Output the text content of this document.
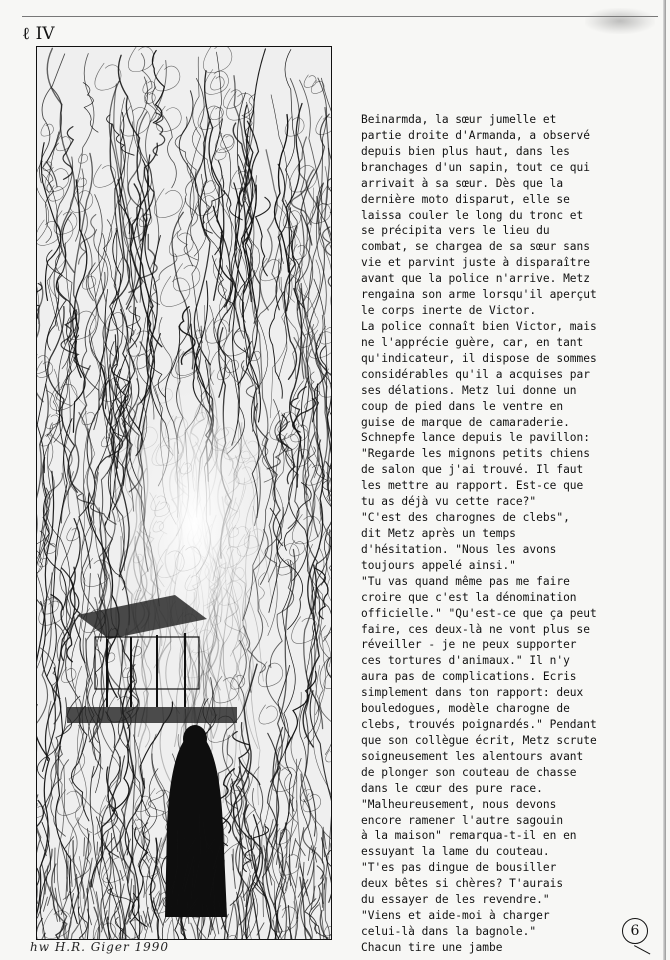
ℓ IV
Beinarmda, la sœur jumelle et
partie droite d'Armanda, a observé
depuis bien plus haut, dans les
branchages d'un sapin, tout ce qui
arrivait à sa sœur. Dès que la
dernière moto disparut, elle se
laissa couler le long du tronc et
se précipita vers le lieu du
combat, se chargea de sa sœur sans
vie et parvint juste à disparaître
avant que la police n'arrive. Metz
rengaina son arme lorsqu'il aperçut
le corps inerte de Victor.
La police connaît bien Victor, mais
ne l'apprécie guère, car, en tant
qu'indicateur, il dispose de sommes
considérables qu'il a acquises par
ses délations. Metz lui donne un
coup de pied dans le ventre en
guise de marque de camaraderie.
Schnepfe lance depuis le pavillon:
"Regarde les mignons petits chiens
de salon que j'ai trouvé. Il faut
les mettre au rapport. Est-ce que
tu as déjà vu cette race?"
"C'est des charognes de clebs",
dit Metz après un temps
d'hésitation. "Nous les avons
toujours appelé ainsi."
"Tu vas quand même pas me faire
croire que c'est la dénomination
officielle." "Qu'est-ce que ça peut
faire, ces deux-là ne vont plus se
réveiller - je ne peux supporter
ces tortures d'animaux." Il n'y
aura pas de complications. Ecris
simplement dans ton rapport: deux
bouledogues, modèle charogne de
clebs, trouvés poignardés." Pendant
que son collègue écrit, Metz scrute
soigneusement les alentours avant
de plonger son couteau de chasse
dans le cœur des pure race.
"Malheureusement, nous devons
encore ramener l'autre sagouin
à la maison" remarqua-t-il en en
essuyant la lame du couteau.
"T'es pas dingue de bousiller
deux bêtes si chères? T'aurais
du essayer de les revendre."
"Viens et aide-moi à charger
celui-là dans la bagnole."
Chacun tire une jambe
hw H.R. Giger 1990
6
